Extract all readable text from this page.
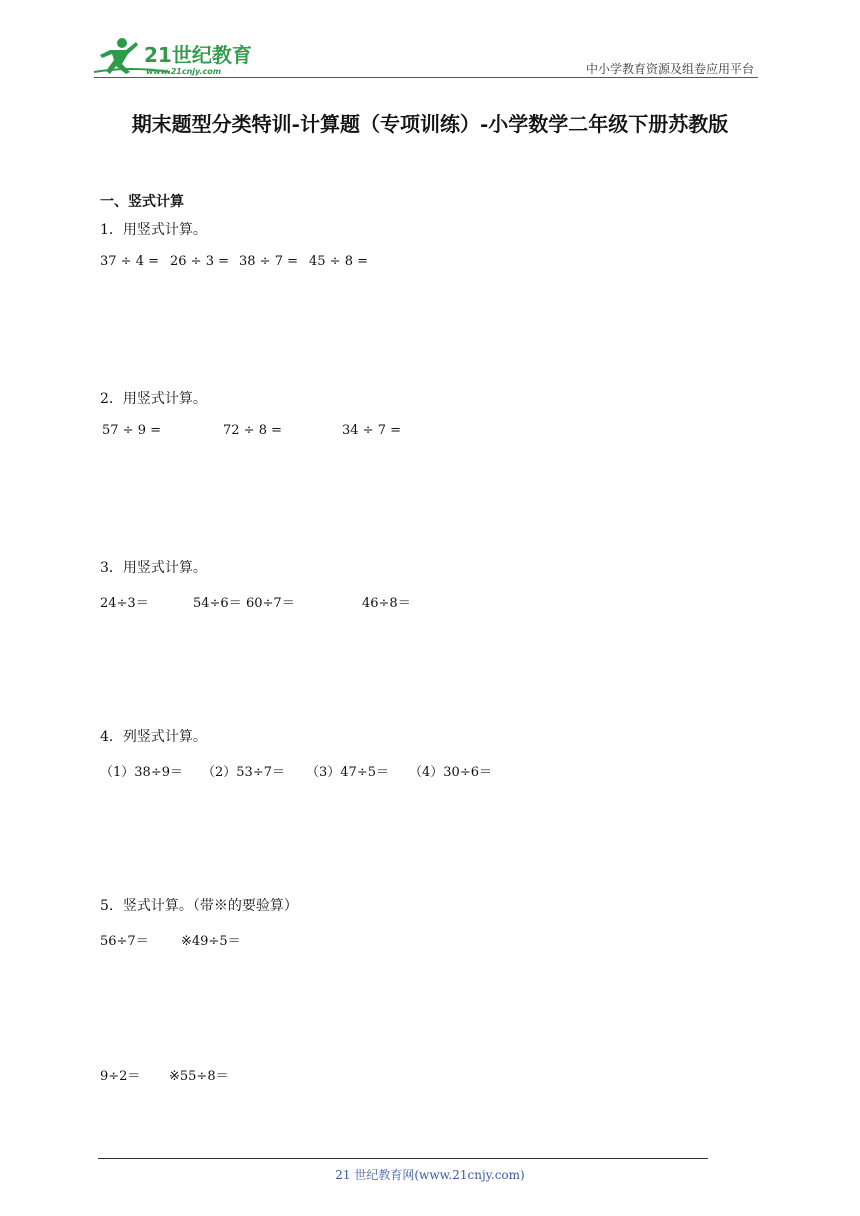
21世纪教育
www.21cnjy.com	中小学教育资源及组卷应用平台
期末题型分类特训-计算题（专项训练）-小学数学二年级下册苏教版
一、竖式计算
1．用竖式计算。
37 ÷ 4 = 26 ÷ 3 = 38 ÷ 7 = 45 ÷ 8 =
2．用竖式计算。
57 ÷ 9 =	72 ÷ 8 =	34 ÷ 7 =
3．用竖式计算。
24÷3＝	54÷6＝ 60÷7＝	46÷8＝
4．列竖式计算。
（1）38÷9＝ （2）53÷7＝ （3）47÷5＝ （4）30÷6＝
5．竖式计算。（带※的要验算）
56÷7＝ ※49÷5＝
9÷2＝ ※55÷8＝
21 世纪教育网(www.21cnjy.com)
